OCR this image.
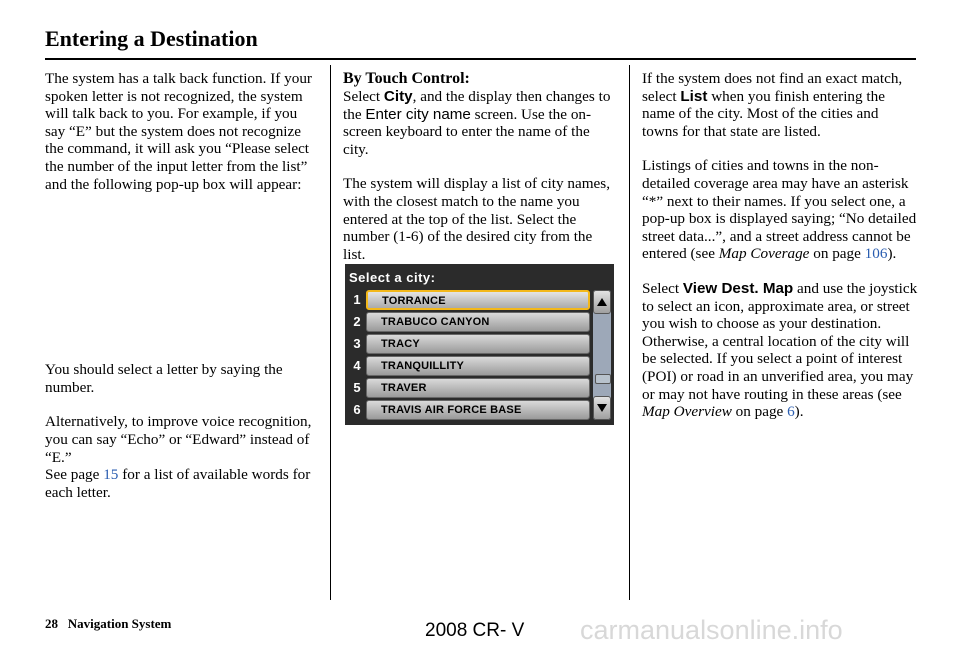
Entering a Destination

The system has a talk back function. If your spoken letter is not recognized, the system will talk back to you. For example, if you say “E” but the system does not recognize the command, it will ask you “Please select the number of the input letter from the list” and the following pop-up box will appear:

You should select a letter by saying the number.

Alternatively, to improve voice recognition, you can say “Echo” or “Edward” instead of “E.”
See page 15 for a list of available words for each letter.

By Touch Control:

Select City, and the display then changes to the Enter city name screen. Use the on-screen keyboard to enter the name of the city.

The system will display a list of city names, with the closest match to the name you entered at the top of the list. Select the number (1-6) of the desired city from the list.

Select a city:
1 TORRANCE
2 TRABUCO CANYON
3 TRACY
4 TRANQUILLITY
5 TRAVER
6 TRAVIS AIR FORCE BASE

If the system does not find an exact match, select List when you finish entering the name of the city. Most of the cities and towns for that state are listed.

Listings of cities and towns in the non-detailed coverage area may have an asterisk “*” next to their names. If you select one, a pop-up box is displayed saying; “No detailed street data...”, and a street address cannot be entered (see Map Coverage on page 106).

Select View Dest. Map and use the joystick to select an icon, approximate area, or street you wish to choose as your destination. Otherwise, a central location of the city will be selected. If you select a point of interest (POI) or road in an unverified area, you may or may not have routing in these areas (see Map Overview on page 6).

28 Navigation System	2008 CR- V carmanualsonline.info
